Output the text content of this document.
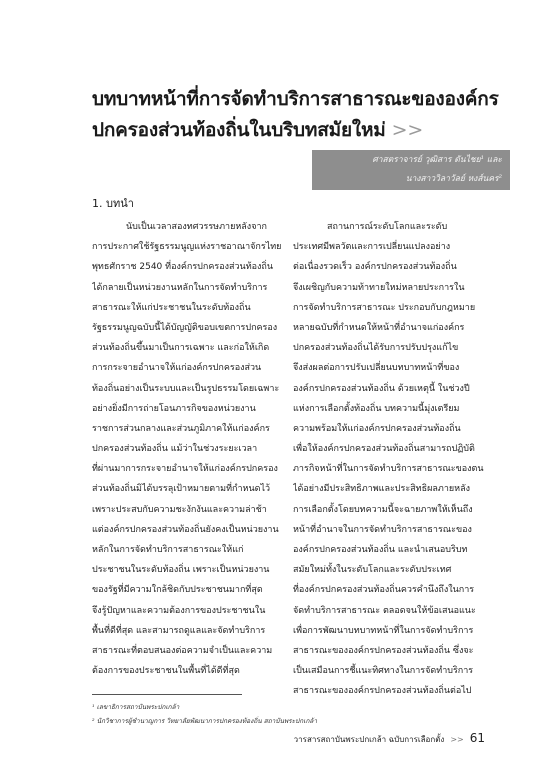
บทบาทหน้าที่การจัดทำบริการสาธารณะขององค์กร
ปกครองส่วนท้องถิ่นในบริบทสมัยใหม่ >>
ศาสตราจารย์ วุฒิสาร ตันไชย¹ และ
นางสาววิลาวัลย์ หงส์นคร²
1. บทนำ
นับเป็นเวลาสองทศวรรษภายหลังจาก
การประกาศใช้รัฐธรรมนูญแห่งราชอาณาจักรไทย
พุทธศักราช 2540 ที่องค์กรปกครองส่วนท้องถิ่น
ได้กลายเป็นหน่วยงานหลักในการจัดทำบริการ
สาธารณะให้แก่ประชาชนในระดับท้องถิ่น
รัฐธรรมนูญฉบับนี้ได้บัญญัติขอบเขตการปกครอง
ส่วนท้องถิ่นขึ้นมาเป็นการเฉพาะ และก่อให้เกิด
การกระจายอำนาจให้แก่องค์กรปกครองส่วน
ท้องถิ่นอย่างเป็นระบบและเป็นรูปธรรมโดยเฉพาะ
อย่างยิ่งมีการถ่ายโอนภารกิจของหน่วยงาน
ราชการส่วนกลางและส่วนภูมิภาคให้แก่องค์กร
ปกครองส่วนท้องถิ่น แม้ว่าในช่วงระยะเวลา
ที่ผ่านมาการกระจายอำนาจให้แก่องค์กรปกครอง
ส่วนท้องถิ่นมิได้บรรลุเป้าหมายตามที่กำหนดไว้
เพราะประสบกับความชะงักงันและความล่าช้า
แต่องค์กรปกครองส่วนท้องถิ่นยังคงเป็นหน่วยงาน
หลักในการจัดทำบริการสาธารณะให้แก่
ประชาชนในระดับท้องถิ่น เพราะเป็นหน่วยงาน
ของรัฐที่มีความใกล้ชิดกับประชาชนมากที่สุด
จึงรู้ปัญหาและความต้องการของประชาชนใน
พื้นที่ดีที่สุด และสามารถดูแลและจัดทำบริการ
สาธารณะที่ตอบสนองต่อความจำเป็นและความ
ต้องการของประชาชนในพื้นที่ได้ดีที่สุด
สถานการณ์ระดับโลกและระดับ
ประเทศมีพลวัตและการเปลี่ยนแปลงอย่าง
ต่อเนื่องรวดเร็ว องค์กรปกครองส่วนท้องถิ่น
จึงเผชิญกับความท้าทายใหม่หลายประการใน
การจัดทำบริการสาธารณะ ประกอบกับกฎหมาย
หลายฉบับที่กำหนดให้หน้าที่อำนาจแก่องค์กร
ปกครองส่วนท้องถิ่นได้รับการปรับปรุงแก้ไข
จึงส่งผลต่อการปรับเปลี่ยนบทบาทหน้าที่ของ
องค์กรปกครองส่วนท้องถิ่น ด้วยเหตุนี้ ในช่วงปี
แห่งการเลือกตั้งท้องถิ่น บทความนี้มุ่งเตรียม
ความพร้อมให้แก่องค์กรปกครองส่วนท้องถิ่น
เพื่อให้องค์กรปกครองส่วนท้องถิ่นสามารถปฏิบัติ
ภารกิจหน้าที่ในการจัดทำบริการสาธารณะของตน
ได้อย่างมีประสิทธิภาพและประสิทธิผลภายหลัง
การเลือกตั้งโดยบทความนี้จะฉายภาพให้เห็นถึง
หน้าที่อำนาจในการจัดทำบริการสาธารณะของ
องค์กรปกครองส่วนท้องถิ่น และนำเสนอบริบท
สมัยใหม่ทั้งในระดับโลกและระดับประเทศ
ที่องค์กรปกครองส่วนท้องถิ่นควรคำนึงถึงในการ
จัดทำบริการสาธารณะ ตลอดจนให้ข้อเสนอแนะ
เพื่อการพัฒนาบทบาทหน้าที่ในการจัดทำบริการ
สาธารณะขององค์กรปกครองส่วนท้องถิ่น ซึ่งจะ
เป็นเสมือนการชี้แนะทิศทางในการจัดทำบริการ
สาธารณะขององค์กรปกครองส่วนท้องถิ่นต่อไป
¹ เลขาธิการสถาบันพระปกเกล้า
² นักวิชาการผู้ชำนาญการ วิทยาลัยพัฒนาการปกครองท้องถิ่น สถาบันพระปกเกล้า
วารสารสถาบันพระปกเกล้า ฉบับการเลือกตั้ง >> 61
